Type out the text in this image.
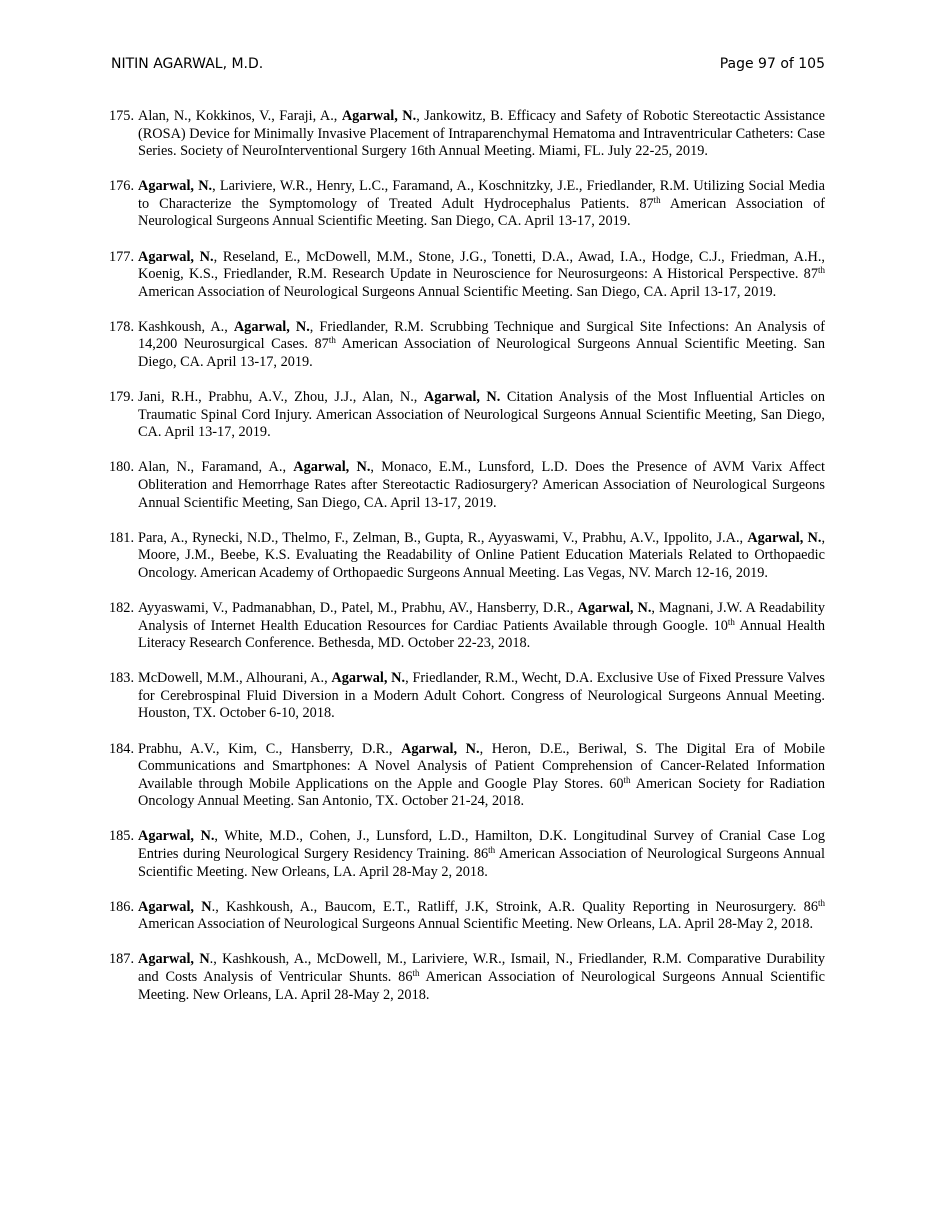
NITIN AGARWAL, M.D.	Page 97 of 105
175. Alan, N., Kokkinos, V., Faraji, A., Agarwal, N., Jankowitz, B. Efficacy and Safety of Robotic Stereotactic Assistance (ROSA) Device for Minimally Invasive Placement of Intraparenchymal Hematoma and Intraventricular Catheters: Case Series. Society of NeuroInterventional Surgery 16th Annual Meeting. Miami, FL. July 22-25, 2019.
176. Agarwal, N., Lariviere, W.R., Henry, L.C., Faramand, A., Koschnitzky, J.E., Friedlander, R.M. Utilizing Social Media to Characterize the Symptomology of Treated Adult Hydrocephalus Patients. 87th American Association of Neurological Surgeons Annual Scientific Meeting. San Diego, CA. April 13-17, 2019.
177. Agarwal, N., Reseland, E., McDowell, M.M., Stone, J.G., Tonetti, D.A., Awad, I.A., Hodge, C.J., Friedman, A.H., Koenig, K.S., Friedlander, R.M. Research Update in Neuroscience for Neurosurgeons: A Historical Perspective. 87th American Association of Neurological Surgeons Annual Scientific Meeting. San Diego, CA. April 13-17, 2019.
178. Kashkoush, A., Agarwal, N., Friedlander, R.M. Scrubbing Technique and Surgical Site Infections: An Analysis of 14,200 Neurosurgical Cases. 87th American Association of Neurological Surgeons Annual Scientific Meeting. San Diego, CA. April 13-17, 2019.
179. Jani, R.H., Prabhu, A.V., Zhou, J.J., Alan, N., Agarwal, N. Citation Analysis of the Most Influential Articles on Traumatic Spinal Cord Injury. American Association of Neurological Surgeons Annual Scientific Meeting, San Diego, CA. April 13-17, 2019.
180. Alan, N., Faramand, A., Agarwal, N., Monaco, E.M., Lunsford, L.D. Does the Presence of AVM Varix Affect Obliteration and Hemorrhage Rates after Stereotactic Radiosurgery? American Association of Neurological Surgeons Annual Scientific Meeting, San Diego, CA. April 13-17, 2019.
181. Para, A., Rynecki, N.D., Thelmo, F., Zelman, B., Gupta, R., Ayyaswami, V., Prabhu, A.V., Ippolito, J.A., Agarwal, N., Moore, J.M., Beebe, K.S. Evaluating the Readability of Online Patient Education Materials Related to Orthopaedic Oncology. American Academy of Orthopaedic Surgeons Annual Meeting. Las Vegas, NV. March 12-16, 2019.
182. Ayyaswami, V., Padmanabhan, D., Patel, M., Prabhu, AV., Hansberry, D.R., Agarwal, N., Magnani, J.W. A Readability Analysis of Internet Health Education Resources for Cardiac Patients Available through Google. 10th Annual Health Literacy Research Conference. Bethesda, MD. October 22-23, 2018.
183. McDowell, M.M., Alhourani, A., Agarwal, N., Friedlander, R.M., Wecht, D.A. Exclusive Use of Fixed Pressure Valves for Cerebrospinal Fluid Diversion in a Modern Adult Cohort. Congress of Neurological Surgeons Annual Meeting. Houston, TX. October 6-10, 2018.
184. Prabhu, A.V., Kim, C., Hansberry, D.R., Agarwal, N., Heron, D.E., Beriwal, S. The Digital Era of Mobile Communications and Smartphones: A Novel Analysis of Patient Comprehension of Cancer-Related Information Available through Mobile Applications on the Apple and Google Play Stores. 60th American Society for Radiation Oncology Annual Meeting. San Antonio, TX. October 21-24, 2018.
185. Agarwal, N., White, M.D., Cohen, J., Lunsford, L.D., Hamilton, D.K. Longitudinal Survey of Cranial Case Log Entries during Neurological Surgery Residency Training. 86th American Association of Neurological Surgeons Annual Scientific Meeting. New Orleans, LA. April 28-May 2, 2018.
186. Agarwal, N., Kashkoush, A., Baucom, E.T., Ratliff, J.K, Stroink, A.R. Quality Reporting in Neurosurgery. 86th American Association of Neurological Surgeons Annual Scientific Meeting. New Orleans, LA. April 28-May 2, 2018.
187. Agarwal, N., Kashkoush, A., McDowell, M., Lariviere, W.R., Ismail, N., Friedlander, R.M. Comparative Durability and Costs Analysis of Ventricular Shunts. 86th American Association of Neurological Surgeons Annual Scientific Meeting. New Orleans, LA. April 28-May 2, 2018.
